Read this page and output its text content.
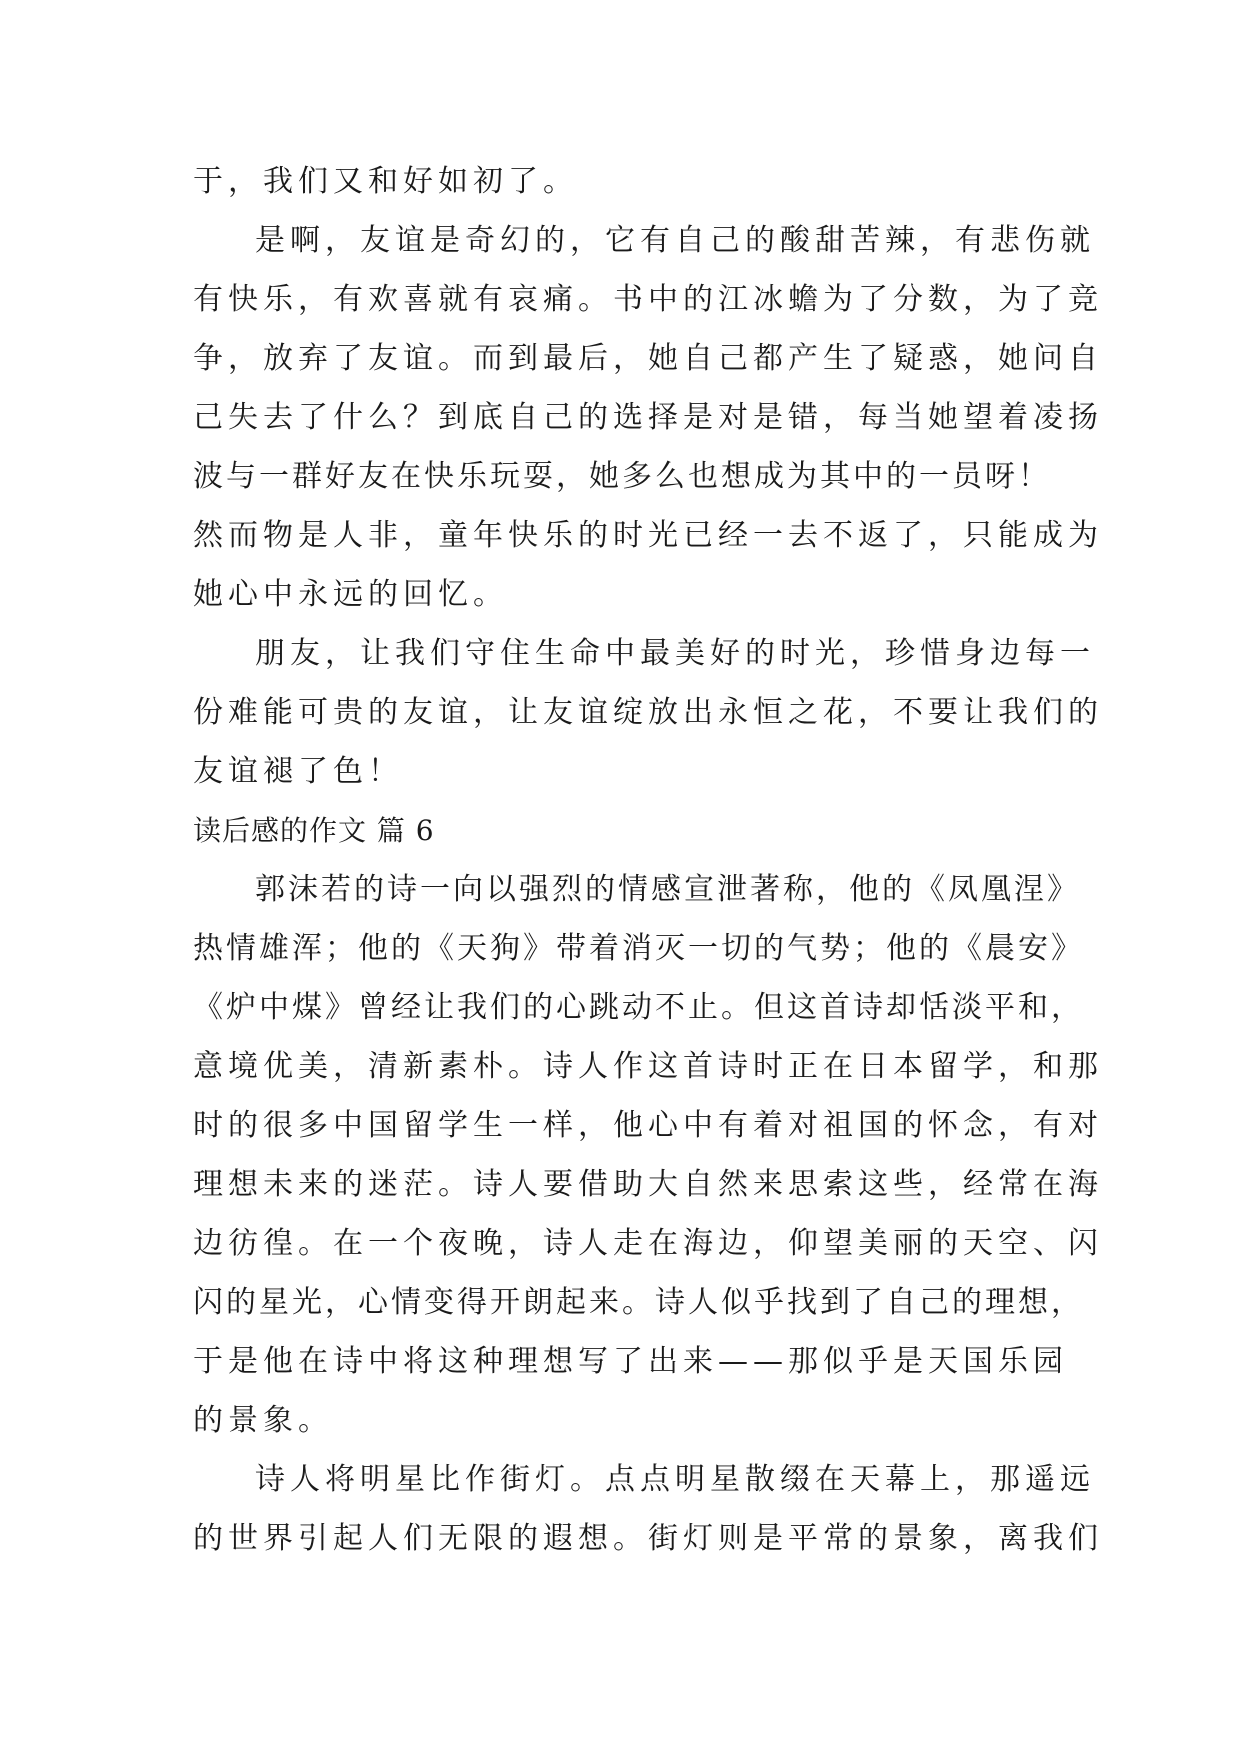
于，我们又和好如初了。
是啊，友谊是奇幻的，它有自己的酸甜苦辣，有悲伤就
有快乐，有欢喜就有哀痛。书中的江冰蟾为了分数，为了竞
争，放弃了友谊。而到最后，她自己都产生了疑惑，她问自
己失去了什么？到底自己的选择是对是错，每当她望着凌扬
波与一群好友在快乐玩耍，她多么也想成为其中的一员呀！
然而物是人非，童年快乐的时光已经一去不返了，只能成为
她心中永远的回忆。
朋友，让我们守住生命中最美好的时光，珍惜身边每一
份难能可贵的友谊，让友谊绽放出永恒之花，不要让我们的
友谊褪了色！
读后感的作文 篇 6
郭沫若的诗一向以强烈的情感宣泄著称，他的《凤凰涅》
热情雄浑；他的《天狗》带着消灭一切的气势；他的《晨安》
《炉中煤》曾经让我们的心跳动不止。但这首诗却恬淡平和，
意境优美，清新素朴。诗人作这首诗时正在日本留学，和那
时的很多中国留学生一样，他心中有着对祖国的怀念，有对
理想未来的迷茫。诗人要借助大自然来思索这些，经常在海
边彷徨。在一个夜晚，诗人走在海边，仰望美丽的天空、闪
闪的星光，心情变得开朗起来。诗人似乎找到了自己的理想，
于是他在诗中将这种理想写了出来——那似乎是天国乐园
的景象。
诗人将明星比作街灯。点点明星散缀在天幕上，那遥远
的世界引起人们无限的遐想。街灯则是平常的景象，离我们
